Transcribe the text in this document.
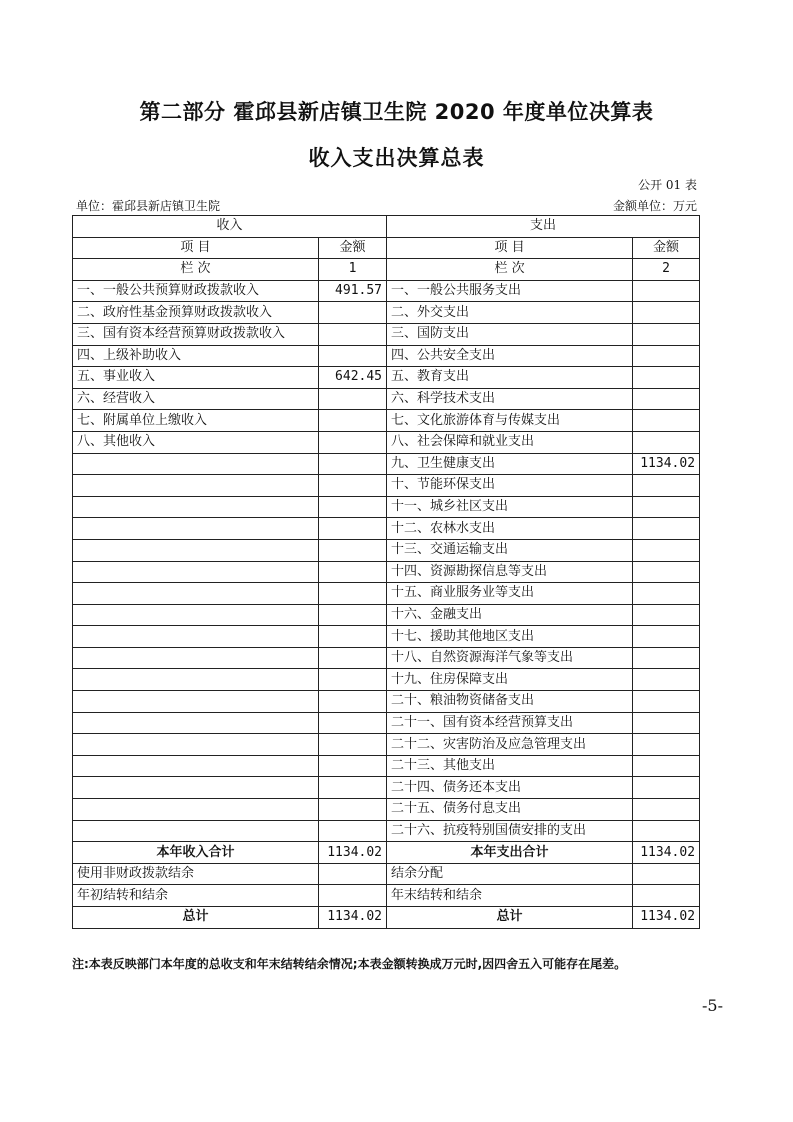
第二部分 霍邱县新店镇卫生院 2020 年度单位决算表
收入支出决算总表
公开 01 表
单位：霍邱县新店镇卫生院	金额单位：万元
收入		支出	
项 目	金额	项 目	金额
栏 次	1	栏 次	2
一、一般公共预算财政拨款收入	491.57	一、一般公共服务支出	
二、政府性基金预算财政拨款收入		二、外交支出	
三、国有资本经营预算财政拨款收入		三、国防支出	
四、上级补助收入		四、公共安全支出	
五、事业收入	642.45	五、教育支出	
六、经营收入		六、科学技术支出	
七、附属单位上缴收入		七、文化旅游体育与传媒支出	
八、其他收入		八、社会保障和就业支出	
		九、卫生健康支出	1134.02
		十、节能环保支出	
		十一、城乡社区支出	
		十二、农林水支出	
		十三、交通运输支出	
		十四、资源勘探信息等支出	
		十五、商业服务业等支出	
		十六、金融支出	
		十七、援助其他地区支出	
		十八、自然资源海洋气象等支出	
		十九、住房保障支出	
		二十、粮油物资储备支出	
		二十一、国有资本经营预算支出	
		二十二、灾害防治及应急管理支出	
		二十三、其他支出	
		二十四、债务还本支出	
		二十五、债务付息支出	
		二十六、抗疫特别国债安排的支出	
本年收入合计	1134.02	本年支出合计	1134.02
使用非财政拨款结余		结余分配	
年初结转和结余		年末结转和结余	
总计	1134.02	总计	1134.02
注:本表反映部门本年度的总收支和年末结转结余情况;本表金额转换成万元时,因四舍五入可能存在尾差。
-5-
